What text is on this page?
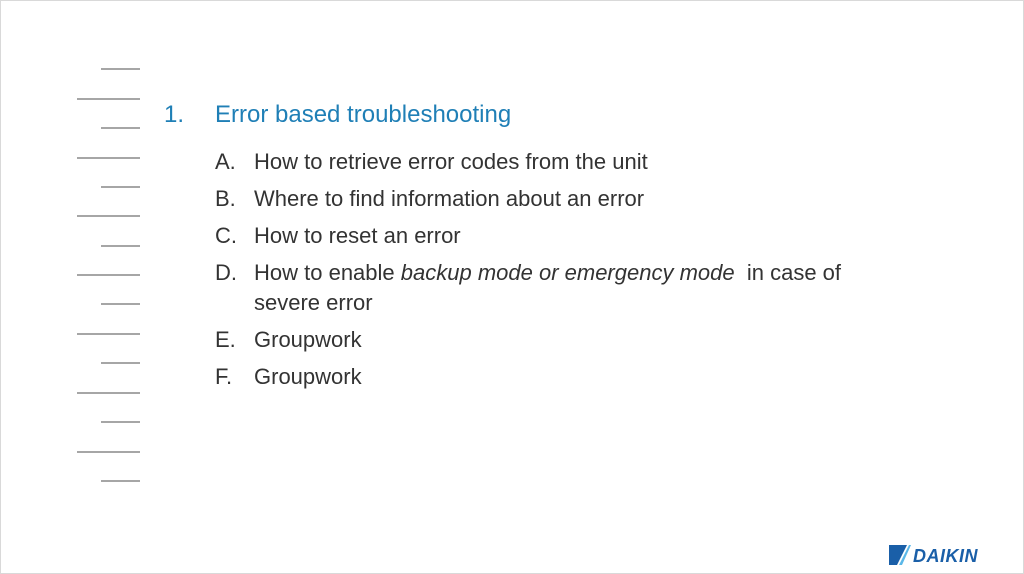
1. Error based troubleshooting
A. How to retrieve error codes from the unit
B. Where to find information about an error
C. How to reset an error
D. How to enable backup mode or emergency mode  in case of severe error
E. Groupwork
F. Groupwork
DAIKIN
